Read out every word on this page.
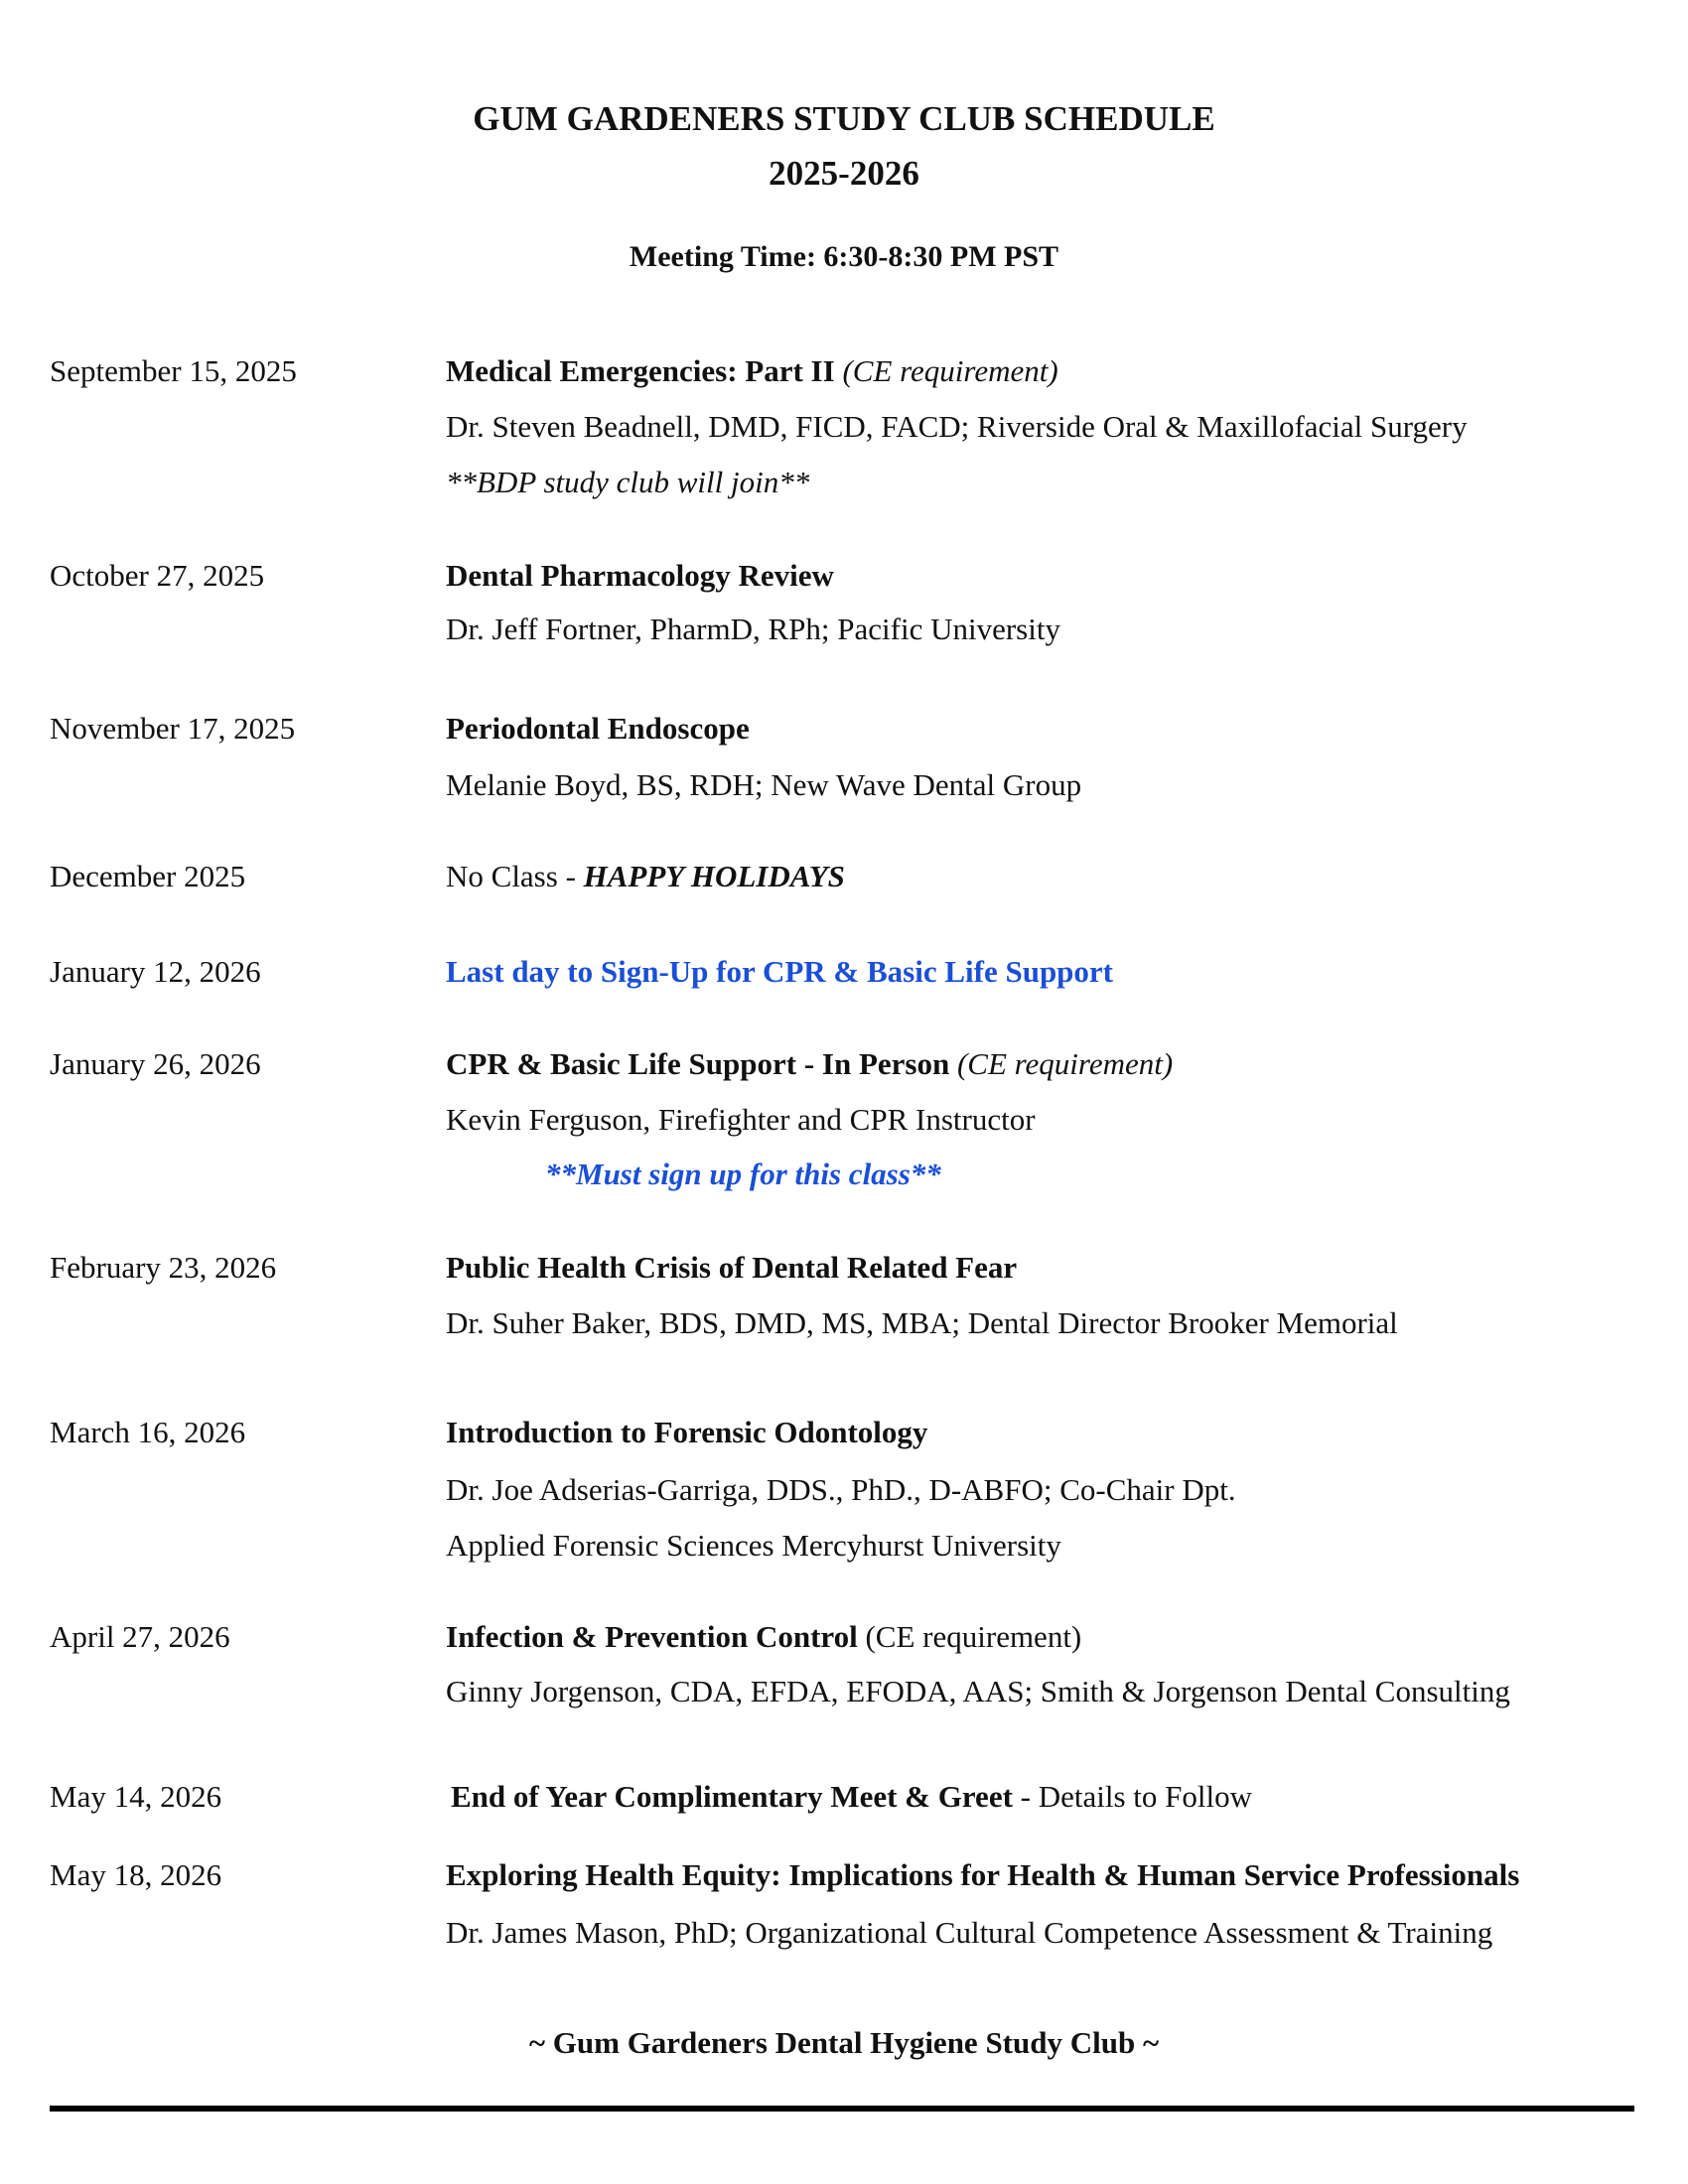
GUM GARDENERS STUDY CLUB SCHEDULE
2025-2026
Meeting Time: 6:30-8:30 PM PST
September 15, 2025	Medical Emergencies: Part II (CE requirement)
Dr. Steven Beadnell, DMD, FICD, FACD; Riverside Oral & Maxillofacial Surgery
**BDP study club will join**
October 27, 2025	Dental Pharmacology Review
Dr. Jeff Fortner, PharmD, RPh; Pacific University
November 17, 2025	Periodontal Endoscope
Melanie Boyd, BS, RDH; New Wave Dental Group
December 2025	No Class - HAPPY HOLIDAYS
January 12, 2026	Last day to Sign-Up for CPR & Basic Life Support
January 26, 2026	CPR & Basic Life Support - In Person (CE requirement)
Kevin Ferguson, Firefighter and CPR Instructor
**Must sign up for this class**
February 23, 2026	Public Health Crisis of Dental Related Fear
Dr. Suher Baker, BDS, DMD, MS, MBA; Dental Director Brooker Memorial
March 16, 2026	Introduction to Forensic Odontology
Dr. Joe Adserias-Garriga, DDS., PhD., D-ABFO; Co-Chair Dpt.
Applied Forensic Sciences Mercyhurst University
April 27, 2026	Infection & Prevention Control (CE requirement)
Ginny Jorgenson, CDA, EFDA, EFODA, AAS; Smith & Jorgenson Dental Consulting
May 14, 2026	End of Year Complimentary Meet & Greet - Details to Follow
May 18, 2026	Exploring Health Equity: Implications for Health & Human Service Professionals
Dr. James Mason, PhD; Organizational Cultural Competence Assessment & Training
~ Gum Gardeners Dental Hygiene Study Club ~
